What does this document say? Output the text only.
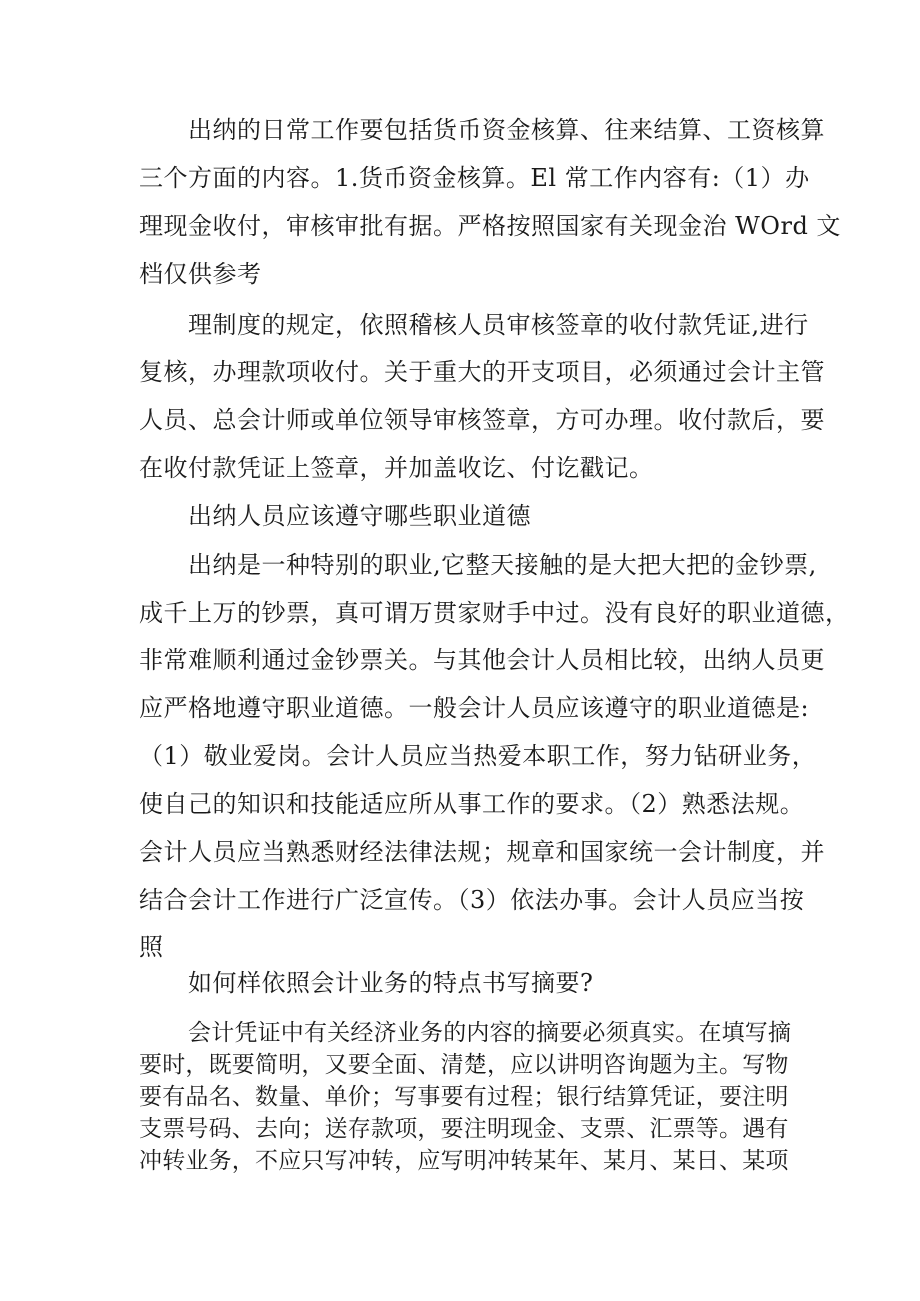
出纳的日常工作要包括货币资金核算、往来结算、工资核算
三个方面的内容。1.货币资金核算。El 常工作内容有:（1）办
理现金收付，审核审批有据。严格按照国家有关现金治 WOrd 文
档仅供参考
理制度的规定，依照稽核人员审核签章的收付款凭证,进行
复核，办理款项收付。关于重大的开支项目，必须通过会计主管
人员、总会计师或单位领导审核签章，方可办理。收付款后，要
在收付款凭证上签章，并加盖收讫、付讫戳记。
出纳人员应该遵守哪些职业道德
出纳是一种特别的职业,它整天接触的是大把大把的金钞票,
成千上万的钞票，真可谓万贯家财手中过。没有良好的职业道德，
非常难顺利通过金钞票关。与其他会计人员相比较，出纳人员更
应严格地遵守职业道德。一般会计人员应该遵守的职业道德是:
（1）敬业爱岗。会计人员应当热爱本职工作，努力钻研业务，
使自己的知识和技能适应所从事工作的要求。（2）熟悉法规。
会计人员应当熟悉财经法律法规；规章和国家统一会计制度，并
结合会计工作进行广泛宣传。（3）依法办事。会计人员应当按
照
如何样依照会计业务的特点书写摘要?
会计凭证中有关经济业务的内容的摘要必须真实。在填写摘
要时，既要简明，又要全面、清楚，应以讲明咨询题为主。写物
要有品名、数量、单价；写事要有过程；银行结算凭证，要注明
支票号码、去向；送存款项，要注明现金、支票、汇票等。遇有
冲转业务，不应只写冲转，应写明冲转某年、某月、某日、某项
